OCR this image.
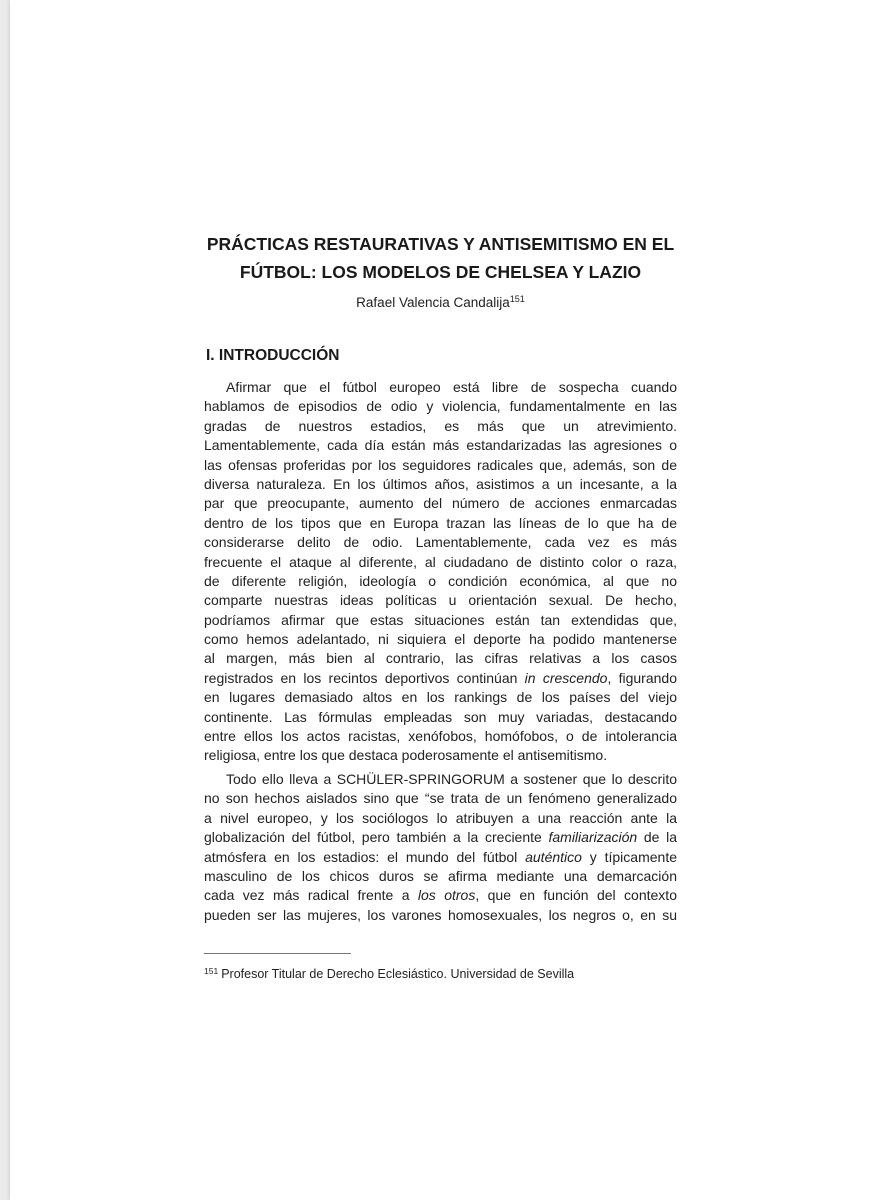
PRÁCTICAS RESTAURATIVAS Y ANTISEMITISMO EN EL
FÚTBOL: LOS MODELOS DE CHELSEA Y LAZIO
Rafael Valencia Candalija$^{151}$
I. INTRODUCCIÓN
Afirmar que el fútbol europeo está libre de sospecha cuando
hablamos de episodios de odio y violencia, fundamentalmente en las
gradas de nuestros estadios, es más que un atrevimiento.
Lamentablemente, cada día están más estandarizadas las agresiones o
las ofensas proferidas por los seguidores radicales que, además, son de
diversa naturaleza. En los últimos años, asistimos a un incesante, a la
par que preocupante, aumento del número de acciones enmarcadas
dentro de los tipos que en Europa trazan las líneas de lo que ha de
considerarse delito de odio. Lamentablemente, cada vez es más
frecuente el ataque al diferente, al ciudadano de distinto color o raza,
de diferente religión, ideología o condición económica, al que no
comparte nuestras ideas políticas u orientación sexual. De hecho,
podríamos afirmar que estas situaciones están tan extendidas que,
como hemos adelantado, ni siquiera el deporte ha podido mantenerse
al margen, más bien al contrario, las cifras relativas a los casos
registrados en los recintos deportivos continúan in crescendo, figurando
en lugares demasiado altos en los rankings de los países del viejo
continente. Las fórmulas empleadas son muy variadas, destacando
entre ellos los actos racistas, xenófobos, homófobos, o de intolerancia
religiosa, entre los que destaca poderosamente el antisemitismo.
Todo ello lleva a SCHÜLER-SPRINGORUM a sostener que lo descrito
no son hechos aislados sino que “se trata de un fenómeno generalizado
a nivel europeo, y los sociólogos lo atribuyen a una reacción ante la
globalización del fútbol, pero también a la creciente familiarización de la
atmósfera en los estadios: el mundo del fútbol auténtico y típicamente
masculino de los chicos duros se afirma mediante una demarcación
cada vez más radical frente a los otros, que en función del contexto
pueden ser las mujeres, los varones homosexuales, los negros o, en su
$^{151}$ Profesor Titular de Derecho Eclesiástico. Universidad de Sevilla
